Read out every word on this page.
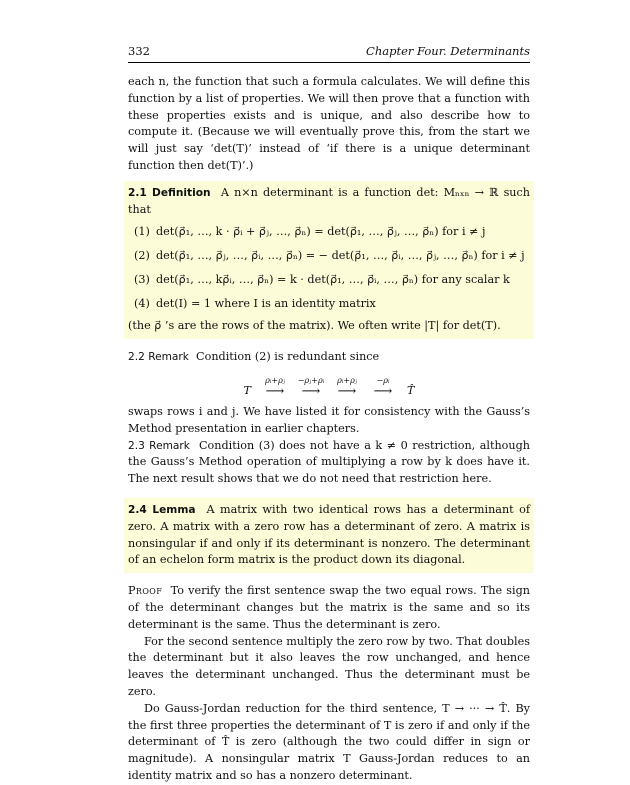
332	Chapter Four. Determinants

each n, the function that such a formula calculates. We will define this function by a list of properties. We will then prove that a function with these properties exists and is unique, and also describe how to compute it. (Because we will eventually prove this, from the start we will just say ‘det(T)’ instead of ‘if there is a unique determinant function then det(T)’.)

2.1 Definition A n×n determinant is a function det: Mₙₓₙ → ℝ such that

(1) det(ρ⃗₁, …, k · ρ⃗ᵢ + ρ⃗ⱼ, …, ρ⃗ₙ) = det(ρ⃗₁, …, ρ⃗ⱼ, …, ρ⃗ₙ) for i ≠ j
(2) det(ρ⃗₁, …, ρ⃗ⱼ, …, ρ⃗ᵢ, …, ρ⃗ₙ) = − det(ρ⃗₁, …, ρ⃗ᵢ, …, ρ⃗ⱼ, …, ρ⃗ₙ) for i ≠ j
(3) det(ρ⃗₁, …, kρ⃗ᵢ, …, ρ⃗ₙ) = k · det(ρ⃗₁, …, ρ⃗ᵢ, …, ρ⃗ₙ) for any scalar k
(4) det(I) = 1 where I is an identity matrix

(the ρ⃗ ’s are the rows of the matrix). We often write |T| for det(T).

2.2 Remark Condition (2) is redundant since

T
ρᵢ+ρⱼ
⟶
−ρⱼ+ρᵢ
⟶
ρᵢ+ρⱼ
⟶
−ρᵢ
⟶	T̂

swaps rows i and j. We have listed it for consistency with the Gauss’s Method presentation in earlier chapters.

2.3 Remark Condition (3) does not have a k ≠ 0 restriction, although the Gauss’s Method operation of multiplying a row by k does have it. The next result shows that we do not need that restriction here.

2.4 Lemma A matrix with two identical rows has a determinant of zero. A matrix with a zero row has a determinant of zero. A matrix is nonsingular if and only if its determinant is nonzero. The determinant of an echelon form matrix is the product down its diagonal.

Proof To verify the first sentence swap the two equal rows. The sign of the determinant changes but the matrix is the same and so its determinant is the same. Thus the determinant is zero.

For the second sentence multiply the zero row by two. That doubles the determinant but it also leaves the row unchanged, and hence leaves the determinant unchanged. Thus the determinant must be zero.

Do Gauss-Jordan reduction for the third sentence, T → ··· → T̂. By the first three properties the determinant of T is zero if and only if the determinant of T̂ is zero (although the two could differ in sign or magnitude). A nonsingular matrix T Gauss-Jordan reduces to an identity matrix and so has a nonzero determinant.
